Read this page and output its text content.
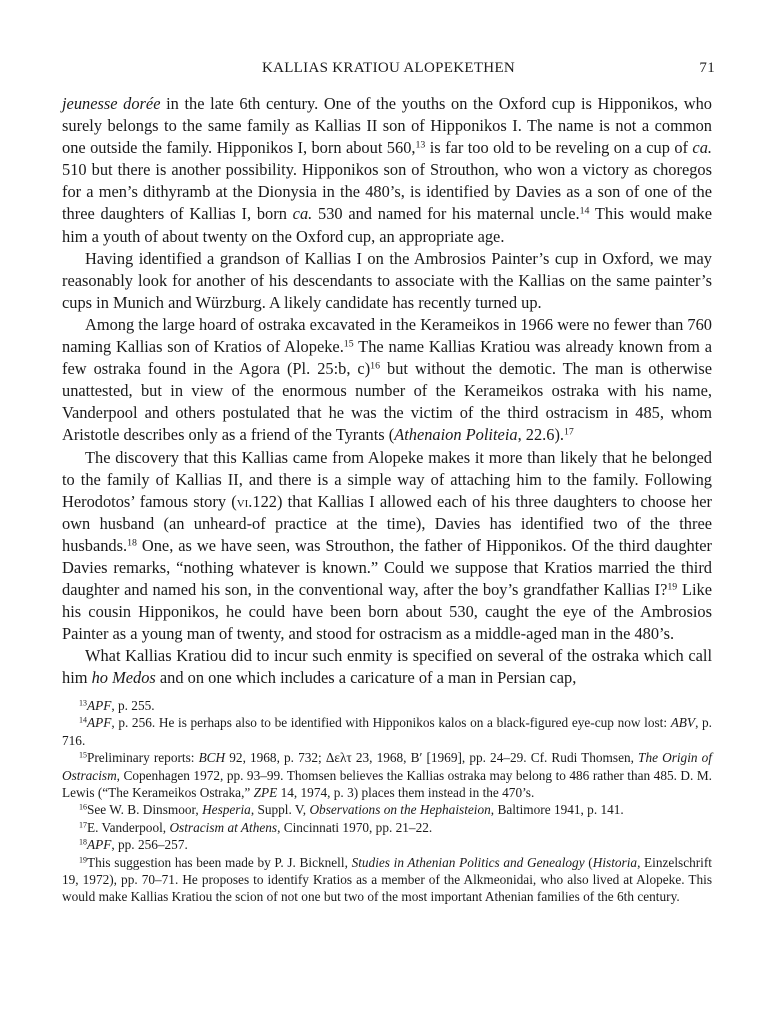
KALLIAS KRATIOU ALOPEKETHEN	71

jeunesse dorée in the late 6th century. One of the youths on the Oxford cup is Hipponikos, who surely belongs to the same family as Kallias II son of Hipponikos I. The name is not a common one outside the family. Hipponikos I, born about 560,13 is far too old to be reveling on a cup of ca. 510 but there is another possibility. Hipponikos son of Strouthon, who won a victory as choregos for a men’s dithyramb at the Dionysia in the 480’s, is identified by Davies as a son of one of the three daughters of Kallias I, born ca. 530 and named for his maternal uncle.$^{14}$ This would make him a youth of about twenty on the Oxford cup, an appropriate age.

Having identified a grandson of Kallias I on the Ambrosios Painter’s cup in Oxford, we may reasonably look for another of his descendants to associate with the Kallias on the same painter’s cups in Munich and Würzburg. A likely candidate has recently turned up.

Among the large hoard of ostraka excavated in the Kerameikos in 1966 were no fewer than 760 naming Kallias son of Kratios of Alopeke.$^{15}$ The name Kallias Kratiou was already known from a few ostraka found in the Agora (Pl. 25:b, c)$^{16}$ but without the demotic. The man is otherwise unattested, but in view of the enormous number of the Kerameikos ostraka with his name, Vanderpool and others postulated that he was the victim of the third ostracism in 485, whom Aristotle describes only as a friend of the Tyrants (Athenaion Politeia, 22.6).$^{17}$

The discovery that this Kallias came from Alopeke makes it more than likely that he belonged to the family of Kallias II, and there is a simple way of attaching him to the family. Following Herodotos’ famous story (vi.122) that Kallias I allowed each of his three daughters to choose her own husband (an unheard-of practice at the time), Davies has identified two of the three husbands.$^{18}$ One, as we have seen, was Strouthon, the father of Hipponikos. Of the third daughter Davies remarks, “nothing whatever is known.” Could we suppose that Kratios married the third daughter and named his son, in the conventional way, after the boy’s grandfather Kallias I?$^{19}$ Like his cousin Hipponikos, he could have been born about 530, caught the eye of the Ambrosios Painter as a young man of twenty, and stood for ostracism as a middle-aged man in the 480’s.

What Kallias Kratiou did to incur such enmity is specified on several of the ostraka which call him ho Medos and on one which includes a caricature of a man in Persian cap,

$^{13}$APF, p. 255.

$^{14}$APF, p. 256. He is perhaps also to be identified with Hipponikos kalos on a black-figured eye-cup now lost: ABV, p. 716.

$^{15}$Preliminary reports: BCH 92, 1968, p. 732; Δελτ 23, 1968, Β′ [1969], pp. 24–29. Cf. Rudi Thomsen, The Origin of Ostracism, Copenhagen 1972, pp. 93–99. Thomsen believes the Kallias ostraka may belong to 486 rather than 485. D. M. Lewis (“The Kerameikos Ostraka,” ZPE 14, 1974, p. 3) places them instead in the 470’s.

$^{16}$See W. B. Dinsmoor, Hesperia, Suppl. V, Observations on the Hephaisteion, Baltimore 1941, p. 141.

$^{17}$E. Vanderpool, Ostracism at Athens, Cincinnati 1970, pp. 21–22.

$^{18}$APF, pp. 256–257.

$^{19}$This suggestion has been made by P. J. Bicknell, Studies in Athenian Politics and Genealogy (Historia, Einzelschrift 19, 1972), pp. 70–71. He proposes to identify Kratios as a member of the Alkmeonidai, who also lived at Alopeke. This would make Kallias Kratiou the scion of not one but two of the most important Athenian families of the 6th century.
